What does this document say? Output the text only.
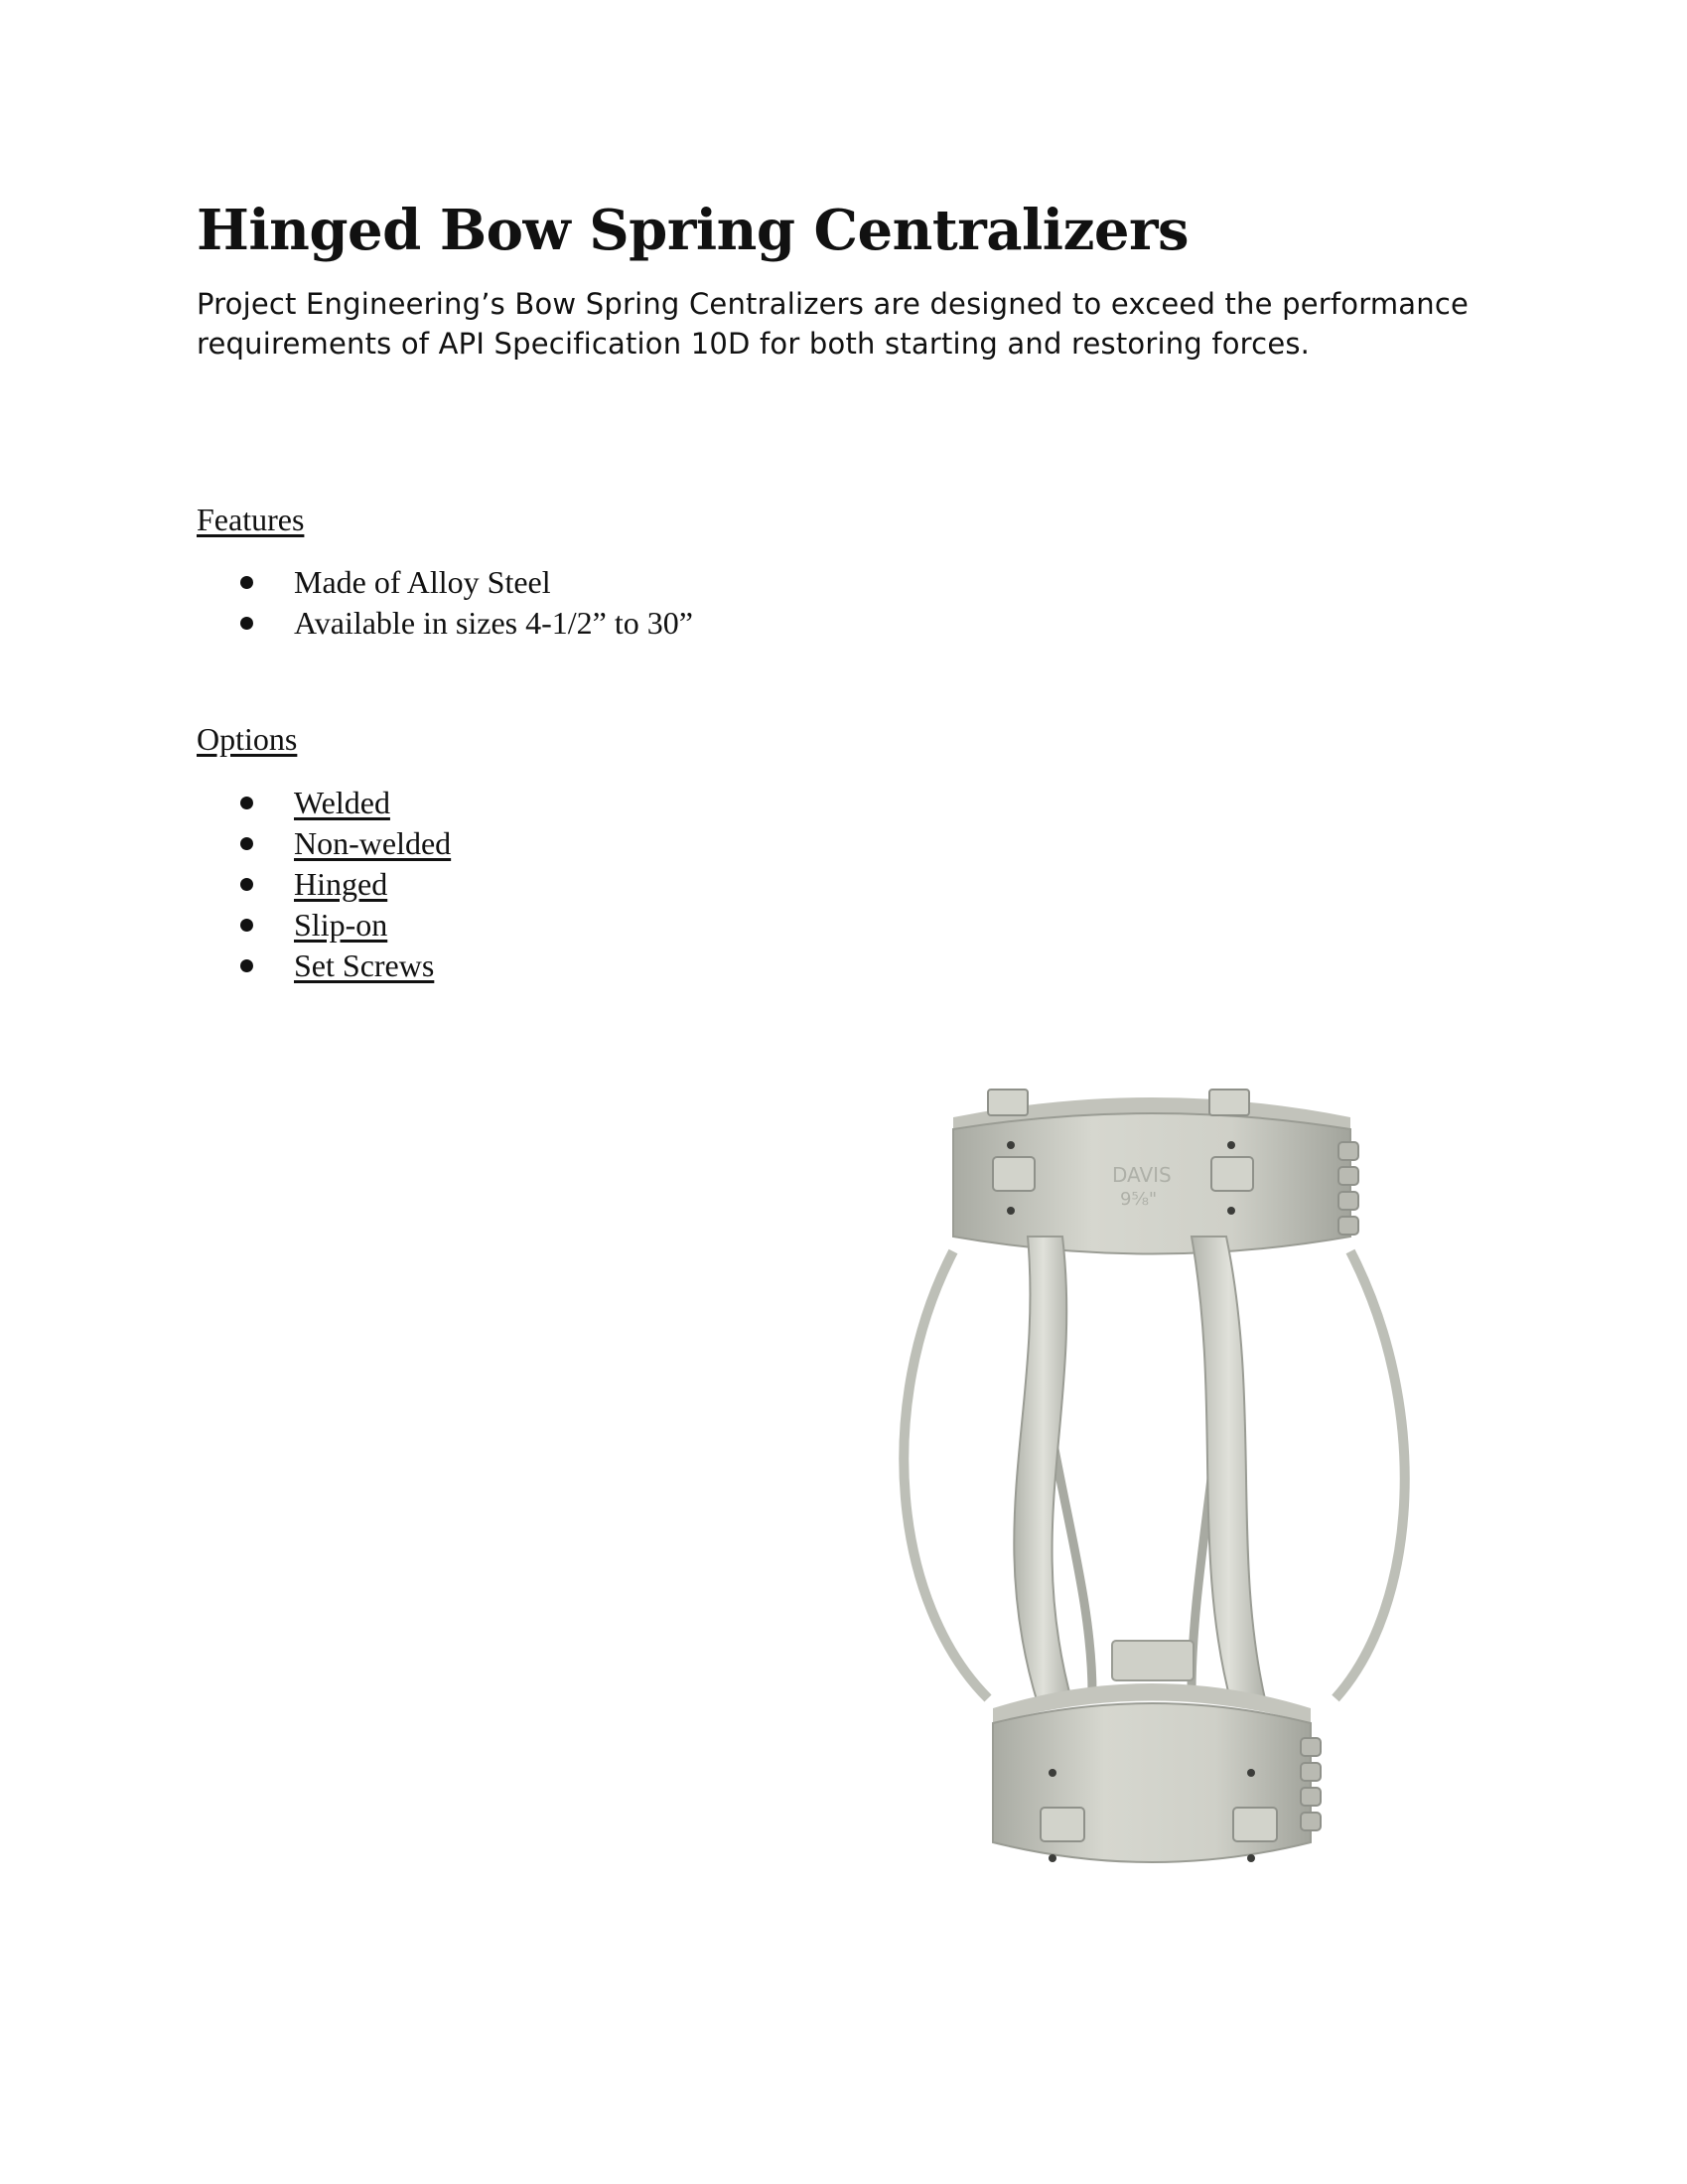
Hinged Bow Spring Centralizers

Project Engineering’s Bow Spring Centralizers are designed to exceed the performance
requirements of API Specification 10D for both starting and restoring forces.

Features
Made of Alloy Steel
Available in sizes 4-1/2” to 30”
Options
Welded
Non-welded
Hinged
Slip-on
Set Screws
DAVIS
9⅝"
